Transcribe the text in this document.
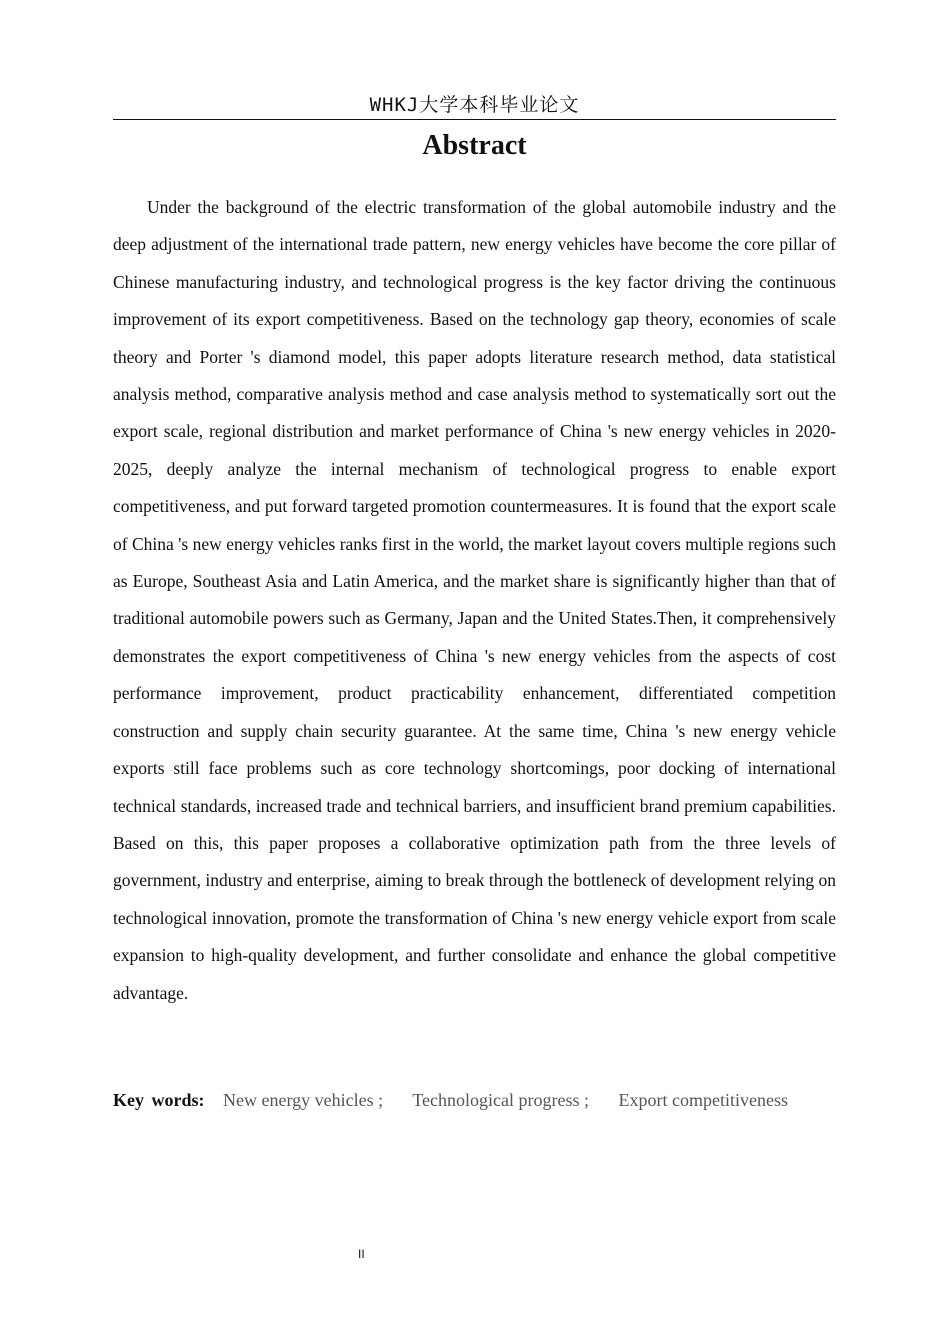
WHKJ大学本科毕业论文
Abstract

Under the background of the electric transformation of the global automobile industry and the deep adjustment of the international trade pattern, new energy vehicles have become the core pillar of Chinese manufacturing industry, and technological progress is the key factor driving the continuous improvement of its export competitiveness. Based on the technology gap theory, economies of scale theory and Porter 's diamond model, this paper adopts literature research method, data statistical analysis method, comparative analysis method and case analysis method to systematically sort out the export scale, regional distribution and market performance of China 's new energy vehicles in 2020-2025, deeply analyze the internal mechanism of technological progress to enable export competitiveness, and put forward targeted promotion countermeasures. It is found that the export scale of China 's new energy vehicles ranks first in the world, the market layout covers multiple regions such as Europe, Southeast Asia and Latin America, and the market share is significantly higher than that of traditional automobile powers such as Germany, Japan and the United States.Then, it comprehensively demonstrates the export competitiveness of China 's new energy vehicles from the aspects of cost performance improvement, product practicability enhancement, differentiated competition construction and supply chain security guarantee. At the same time, China 's new energy vehicle exports still face problems such as core technology shortcomings, poor docking of international technical standards, increased trade and technical barriers, and insufficient brand premium capabilities. Based on this, this paper proposes a collaborative optimization path from the three levels of government, industry and enterprise, aiming to break through the bottleneck of development relying on technological innovation, promote the transformation of China 's new energy vehicle export from scale expansion to high-quality development, and further consolidate and enhance the global competitive advantage.

Key words: New energy vehicles ; Technological progress ; Export competitiveness
II
